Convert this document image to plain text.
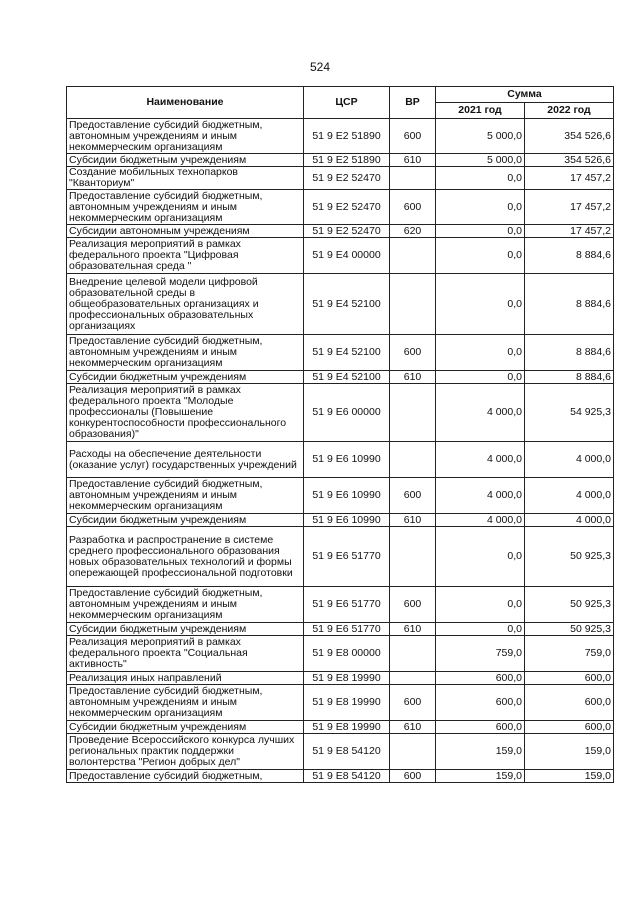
524
Наименование	ЦСР	ВР	Сумма	
			2021 год	2022 год
Предоставление субсидий бюджетным, автономным учреждениям и иным некоммерческим организациям	51 9 E2 51890	600	5 000,0	354 526,6
Субсидии бюджетным учреждениям	51 9 E2 51890	610	5 000,0	354 526,6
Создание мобильных технопарков "Кванториум"	51 9 E2 52470		0,0	17 457,2
Предоставление субсидий бюджетным, автономным учреждениям и иным некоммерческим организациям	51 9 E2 52470	600	0,0	17 457,2
Субсидии автономным учреждениям	51 9 E2 52470	620	0,0	17 457,2
Реализация мероприятий в рамках федерального проекта "Цифровая образовательная среда "	51 9 E4 00000		0,0	8 884,6
Внедрение целевой модели цифровой образовательной среды в общеобразовательных организациях и профессиональных образовательных организациях	51 9 E4 52100		0,0	8 884,6
Предоставление субсидий бюджетным, автономным учреждениям и иным некоммерческим организациям	51 9 E4 52100	600	0,0	8 884,6
Субсидии бюджетным учреждениям	51 9 E4 52100	610	0,0	8 884,6
Реализация мероприятий в рамках федерального проекта "Молодые профессионалы (Повышение конкурентоспособности профессионального образования)"	51 9 E6 00000		4 000,0	54 925,3
Расходы на обеспечение деятельности (оказание услуг) государственных учреждений	51 9 E6 10990		4 000,0	4 000,0
Предоставление субсидий бюджетным, автономным учреждениям и иным некоммерческим организациям	51 9 E6 10990	600	4 000,0	4 000,0
Субсидии бюджетным учреждениям	51 9 E6 10990	610	4 000,0	4 000,0
Разработка и распространение в системе среднего профессионального образования новых образовательных технологий и формы опережающей профессиональной подготовки	51 9 E6 51770		0,0	50 925,3
Предоставление субсидий бюджетным, автономным учреждениям и иным некоммерческим организациям	51 9 E6 51770	600	0,0	50 925,3
Субсидии бюджетным учреждениям	51 9 E6 51770	610	0,0	50 925,3
Реализация мероприятий в рамках федерального проекта "Социальная активность"	51 9 E8 00000		759,0	759,0
Реализация иных направлений	51 9 E8 19990		600,0	600,0
Предоставление субсидий бюджетным, автономным учреждениям и иным некоммерческим организациям	51 9 E8 19990	600	600,0	600,0
Субсидии бюджетным учреждениям	51 9 E8 19990	610	600,0	600,0
Проведение Всероссийского конкурса лучших региональных практик поддержки волонтерства "Регион добрых дел"	51 9 E8 54120		159,0	159,0
Предоставление субсидий бюджетным,	51 9 E8 54120	600	159,0	159,0
